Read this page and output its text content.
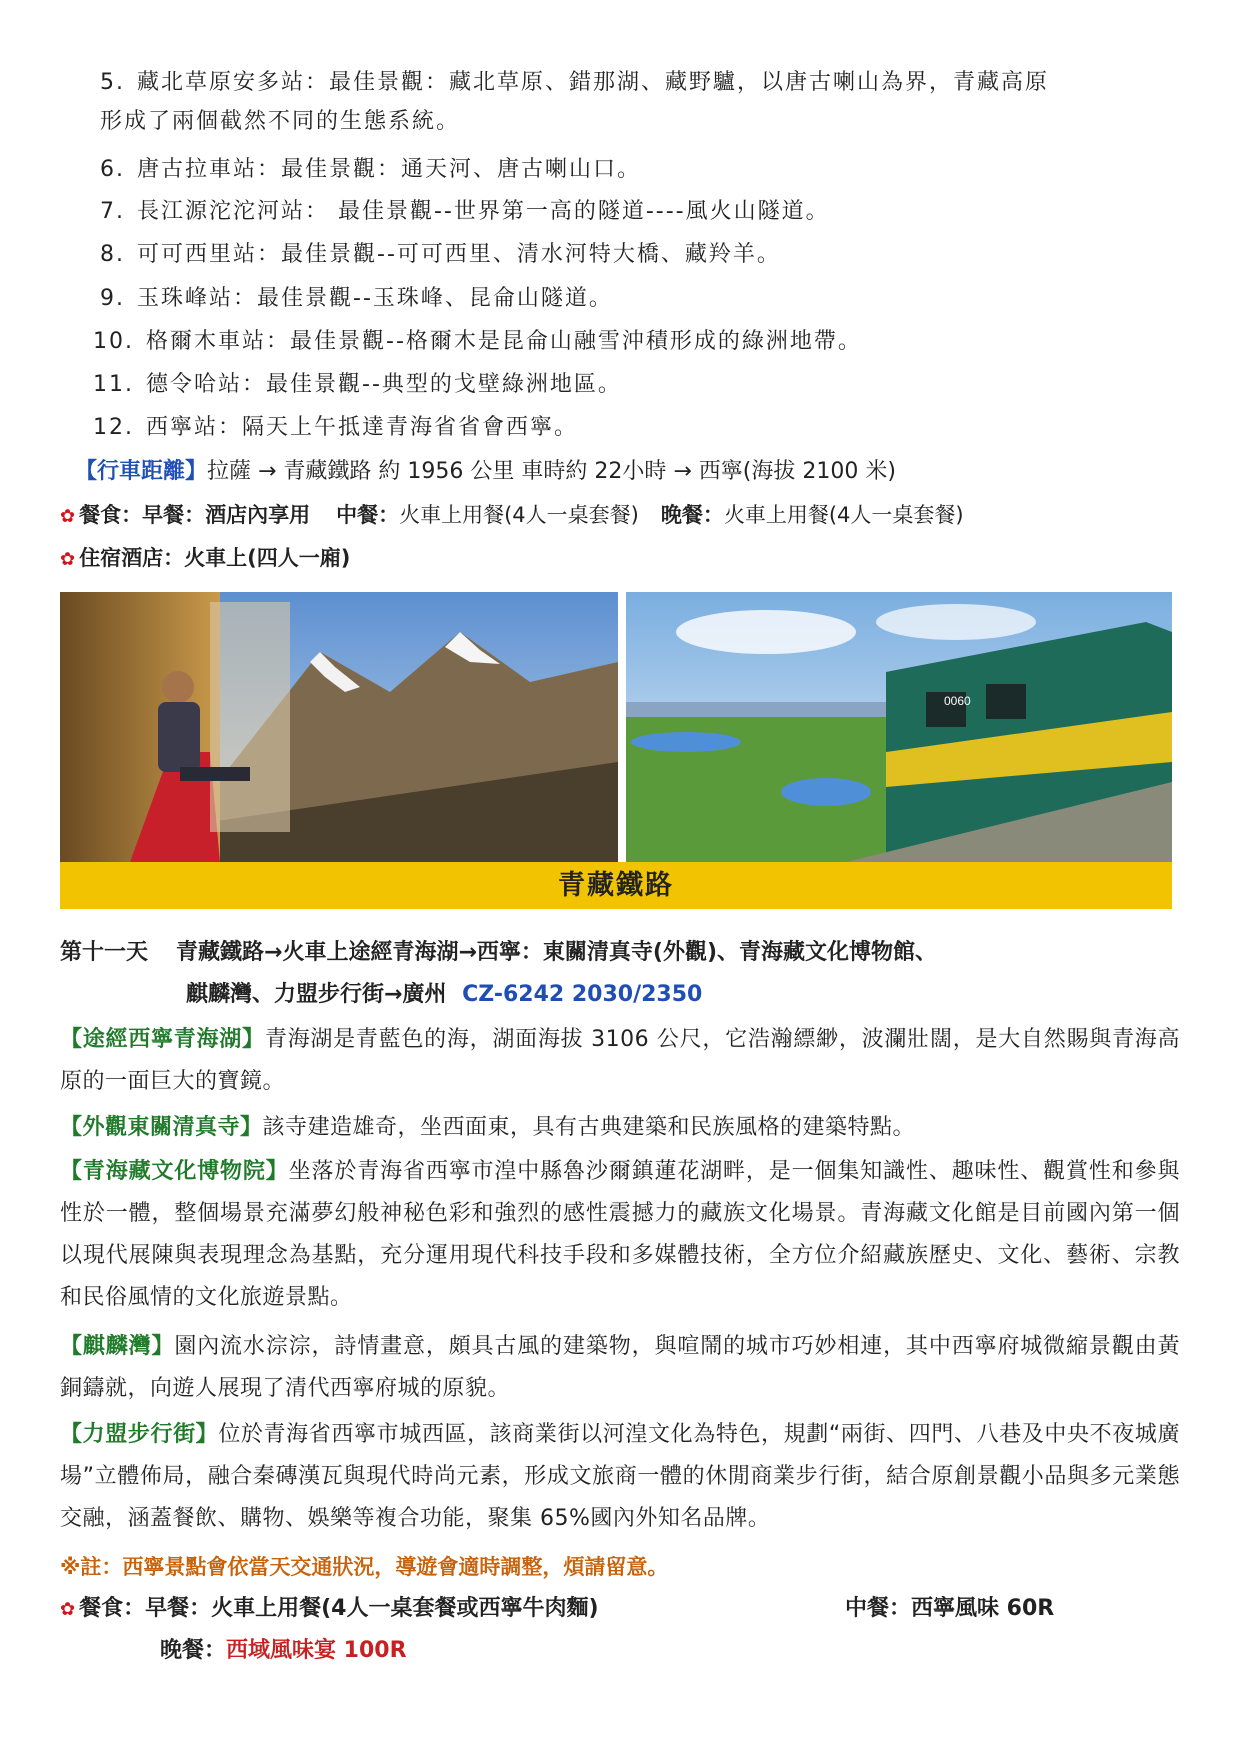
5. 藏北草原安多站：最佳景觀：藏北草原、錯那湖、藏野驢，以唐古喇山為界，青藏高原
形成了兩個截然不同的生態系統。
6. 唐古拉車站：最佳景觀：通天河、唐古喇山口。
7. 長江源沱沱河站： 最佳景觀--世界第一高的隧道----風火山隧道。
8. 可可西里站：最佳景觀--可可西里、清水河特大橋、藏羚羊。
9. 玉珠峰站：最佳景觀--玉珠峰、昆侖山隧道。
10. 格爾木車站：最佳景觀--格爾木是昆侖山融雪沖積形成的綠洲地帶。
11. 德令哈站：最佳景觀--典型的戈壁綠洲地區。
12. 西寧站：隔天上午抵達青海省省會西寧。
【行車距離】拉薩 → 青藏鐵路 約 1956 公里 車時約 22小時 → 西寧(海拔 2100 米)
✿ 餐食：早餐：酒店內享用 中餐：火車上用餐(4人一桌套餐) 晚餐：火車上用餐(4人一桌套餐)
✿ 住宿酒店：火車上(四人一廂)
0060
青藏鐵路
第十一天 青藏鐵路→火車上途經青海湖→西寧：東關清真寺(外觀)、青海藏文化博物館、
麒麟灣、力盟步行街→廣州 CZ-6242 2030/2350
【途經西寧青海湖】青海湖是青藍色的海，湖面海拔 3106 公尺，它浩瀚縹緲，波瀾壯闊，是大自然賜與青海高原的一面巨大的寶鏡。
【外觀東關清真寺】該寺建造雄奇，坐西面東，具有古典建築和民族風格的建築特點。
【青海藏文化博物院】坐落於青海省西寧市湟中縣魯沙爾鎮蓮花湖畔，是一個集知識性、趣味性、觀賞性和參與性於一體，整個場景充滿夢幻般神秘色彩和強烈的感性震撼力的藏族文化場景。青海藏文化館是目前國內第一個以現代展陳與表現理念為基點，充分運用現代科技手段和多媒體技術，全方位介紹藏族歷史、文化、藝術、宗教和民俗風情的文化旅遊景點。
【麒麟灣】園內流水淙淙，詩情畫意，頗具古風的建築物，與喧鬧的城市巧妙相連，其中西寧府城微縮景觀由黃銅鑄就，向遊人展現了清代西寧府城的原貌。
【力盟步行街】位於青海省西寧市城西區，該商業街以河湟文化為特色，規劃“兩街、四門、八巷及中央不夜城廣場”立體佈局，融合秦磚漢瓦與現代時尚元素，形成文旅商一體的休閒商業步行街，結合原創景觀小品與多元業態交融，涵蓋餐飲、購物、娛樂等複合功能，聚集 65%國內外知名品牌。
※註：西寧景點會依當天交通狀況，導遊會適時調整，煩請留意。
✿ 餐食：早餐：火車上用餐(4人一桌套餐或西寧牛肉麵)	中餐：西寧風味 60R
晚餐：西域風味宴 100R
